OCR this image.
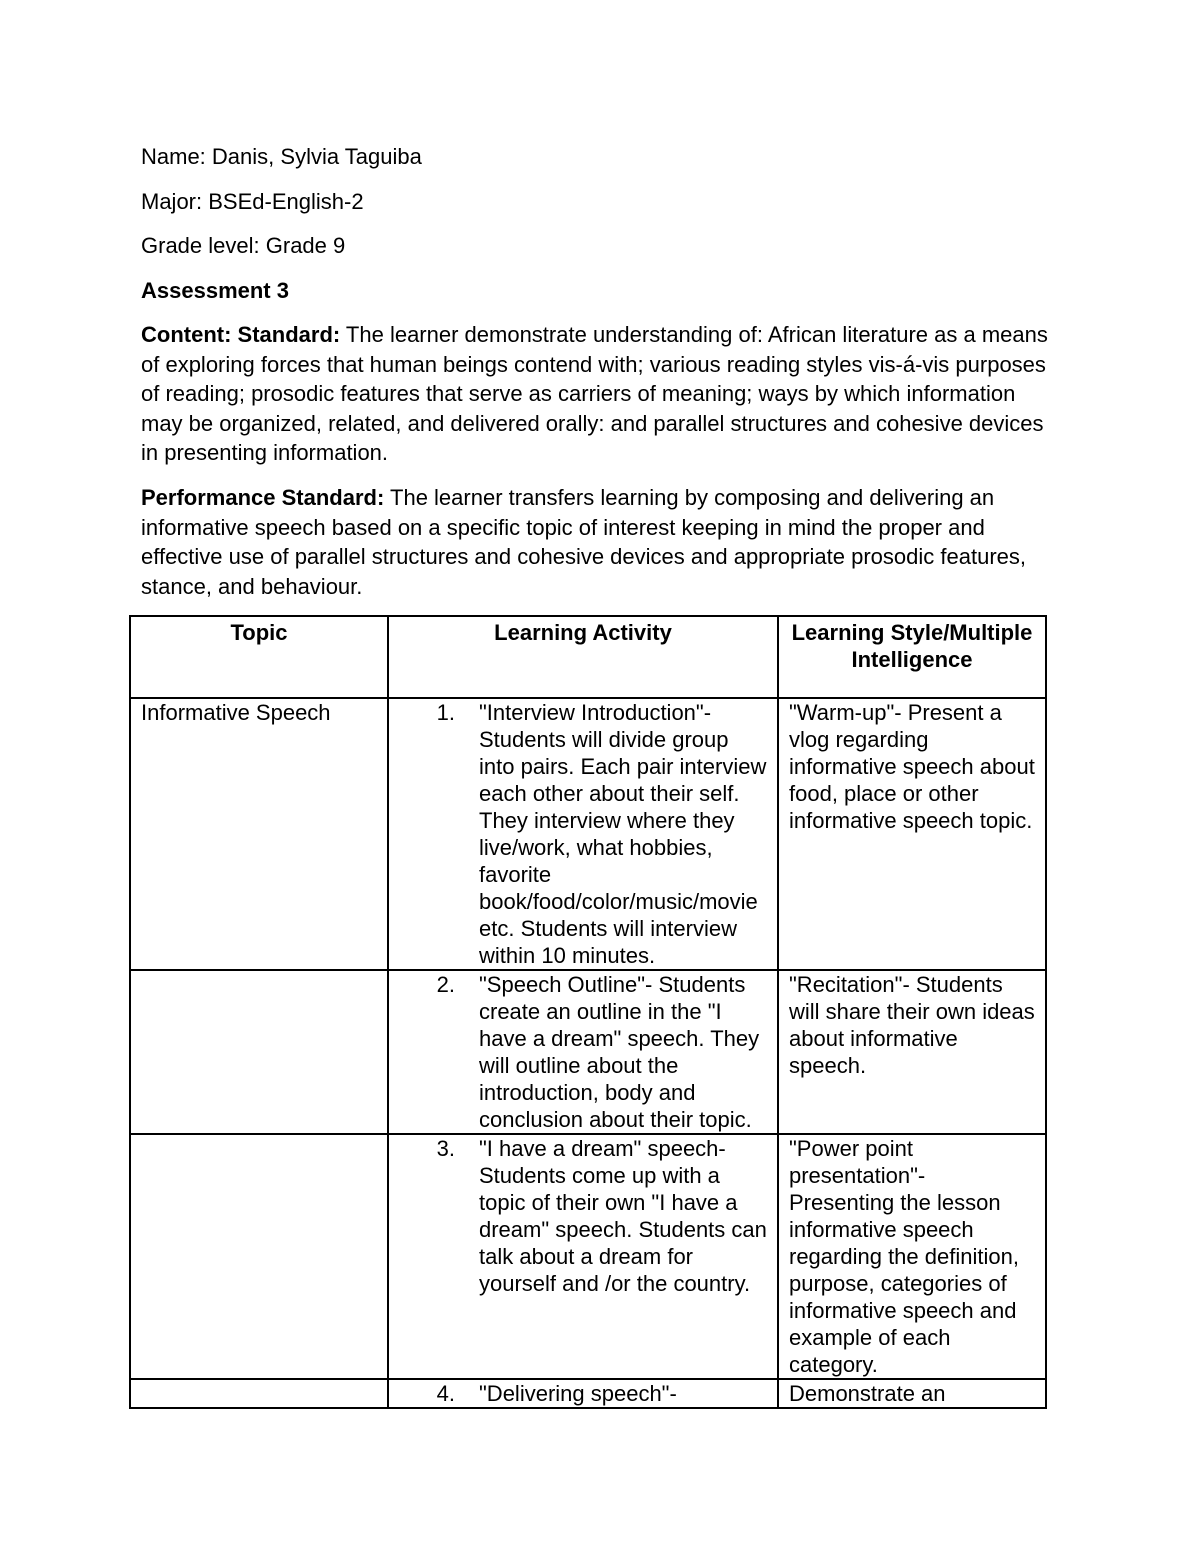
Name: Danis, Sylvia Taguiba
Major: BSEd-English-2
Grade level: Grade 9
Assessment 3
Content: Standard: The learner demonstrate understanding of: African literature as a means of exploring forces that human beings contend with; various reading styles vis-á-vis purposes of reading; prosodic features that serve as carriers of meaning; ways by which information may be organized, related, and delivered orally: and parallel structures and cohesive devices in presenting information.
Performance Standard: The learner transfers learning by composing and delivering an informative speech based on a specific topic of interest keeping in mind the proper and effective use of parallel structures and cohesive devices and appropriate prosodic features, stance, and behaviour.
Topic	Learning Activity	Learning Style/Multiple Intelligence
Informative Speech	1. "Interview Introduction"- Students will divide group into pairs. Each pair interview each other about their self. They interview where they live/work, what hobbies, favorite book/food/color/music/movie etc. Students will interview within 10 minutes.	"Warm-up"- Present a vlog regarding informative speech about food, place or other informative speech topic.

	2. "Speech Outline"- Students create an outline in the "I have a dream" speech. They will outline about the introduction, body and conclusion about their topic.	"Recitation"- Students will share their own ideas about informative speech.

	3. "I have a dream" speech- Students come up with a topic of their own "I have a dream" speech. Students can talk about a dream for yourself and /or the country.	"Power point presentation"- Presenting the lesson informative speech regarding the definition, purpose, categories of informative speech and example of each category.

	4. "Delivering speech"-	Demonstrate an
